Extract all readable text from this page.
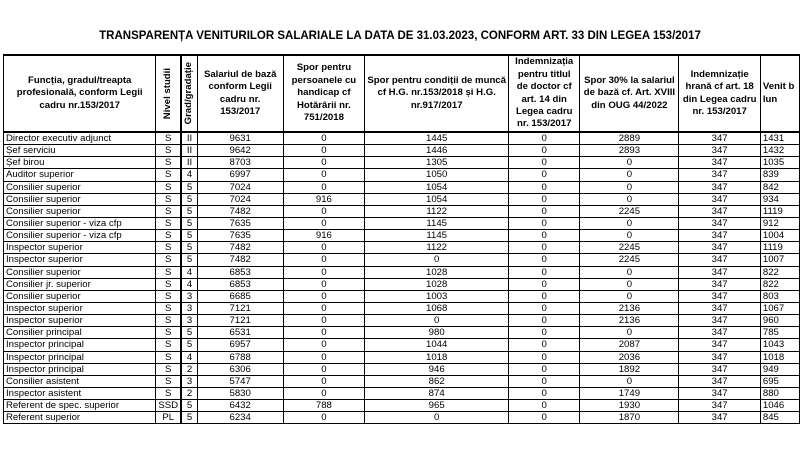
TRANSPARENȚA VENITURILOR SALARIALE LA DATA DE 31.03.2023, CONFORM ART. 33 DIN LEGEA 153/2017
Funcția, gradul/treapta profesională, conform Legii cadru nr.153/2017	Nivel studii		Grad/gradație	Salariul de bază conform Legii cadru nr. 153/2017	Spor pentru persoanele cu handicap cf Hotărârii nr. 751/2018	Spor pentru condiții de muncă cf H.G. nr.153/2018 și H.G. nr.917/2017	Indemnizația pentru titlul de doctor cf art. 14 din Legea cadru nr. 153/2017	Spor 30% la salariul de bază cf. Art. XVIII din OUG 44/2022	Indemnizație hrană cf art. 18 din Legea cadru nr. 153/2017	Venit b lun
Director executiv adjunct	S		II	9631	0	1445	0	2889	347	1431
Șef serviciu	S		II	9642	0	1446	0	2893	347	1432
Șef birou	S		II	8703	0	1305	0	0	347	1035
Auditor superior	S		4	6997	0	1050	0	0	347	839
Consilier superior	S		5	7024	0	1054	0	0	347	842
Consilier superior	S		5	7024	916	1054	0	0	347	934
Consilier superior	S		5	7482	0	1122	0	2245	347	1119
Consilier superior - viza cfp	S		5	7635	0	1145	0	0	347	912
Consilier superior - viza cfp	S		5	7635	916	1145	0	0	347	1004
Inspector superior	S		5	7482	0	1122	0	2245	347	1119
Inspector superior	S		5	7482	0	0	0	2245	347	1007
Consilier superior	S		4	6853	0	1028	0	0	347	822
Consilier jr. superior	S		4	6853	0	1028	0	0	347	822
Consilier superior	S		3	6685	0	1003	0	0	347	803
Inspector superior	S		3	7121	0	1068	0	2136	347	1067
Inspector superior	S		3	7121	0	0	0	2136	347	960
Consilier principal	S		5	6531	0	980	0	0	347	785
Inspector principal	S		5	6957	0	1044	0	2087	347	1043
Inspector principal	S		4	6788	0	1018	0	2036	347	1018
Inspector principal	S		2	6306	0	946	0	1892	347	949
Consilier asistent	S		3	5747	0	862	0	0	347	695
Inspector asistent	S		2	5830	0	874	0	1749	347	880
Referent de spec. superior	SSD		5	6432	788	965	0	1930	347	1046
Referent superior	PL		5	6234	0	0	0	1870	347	845
